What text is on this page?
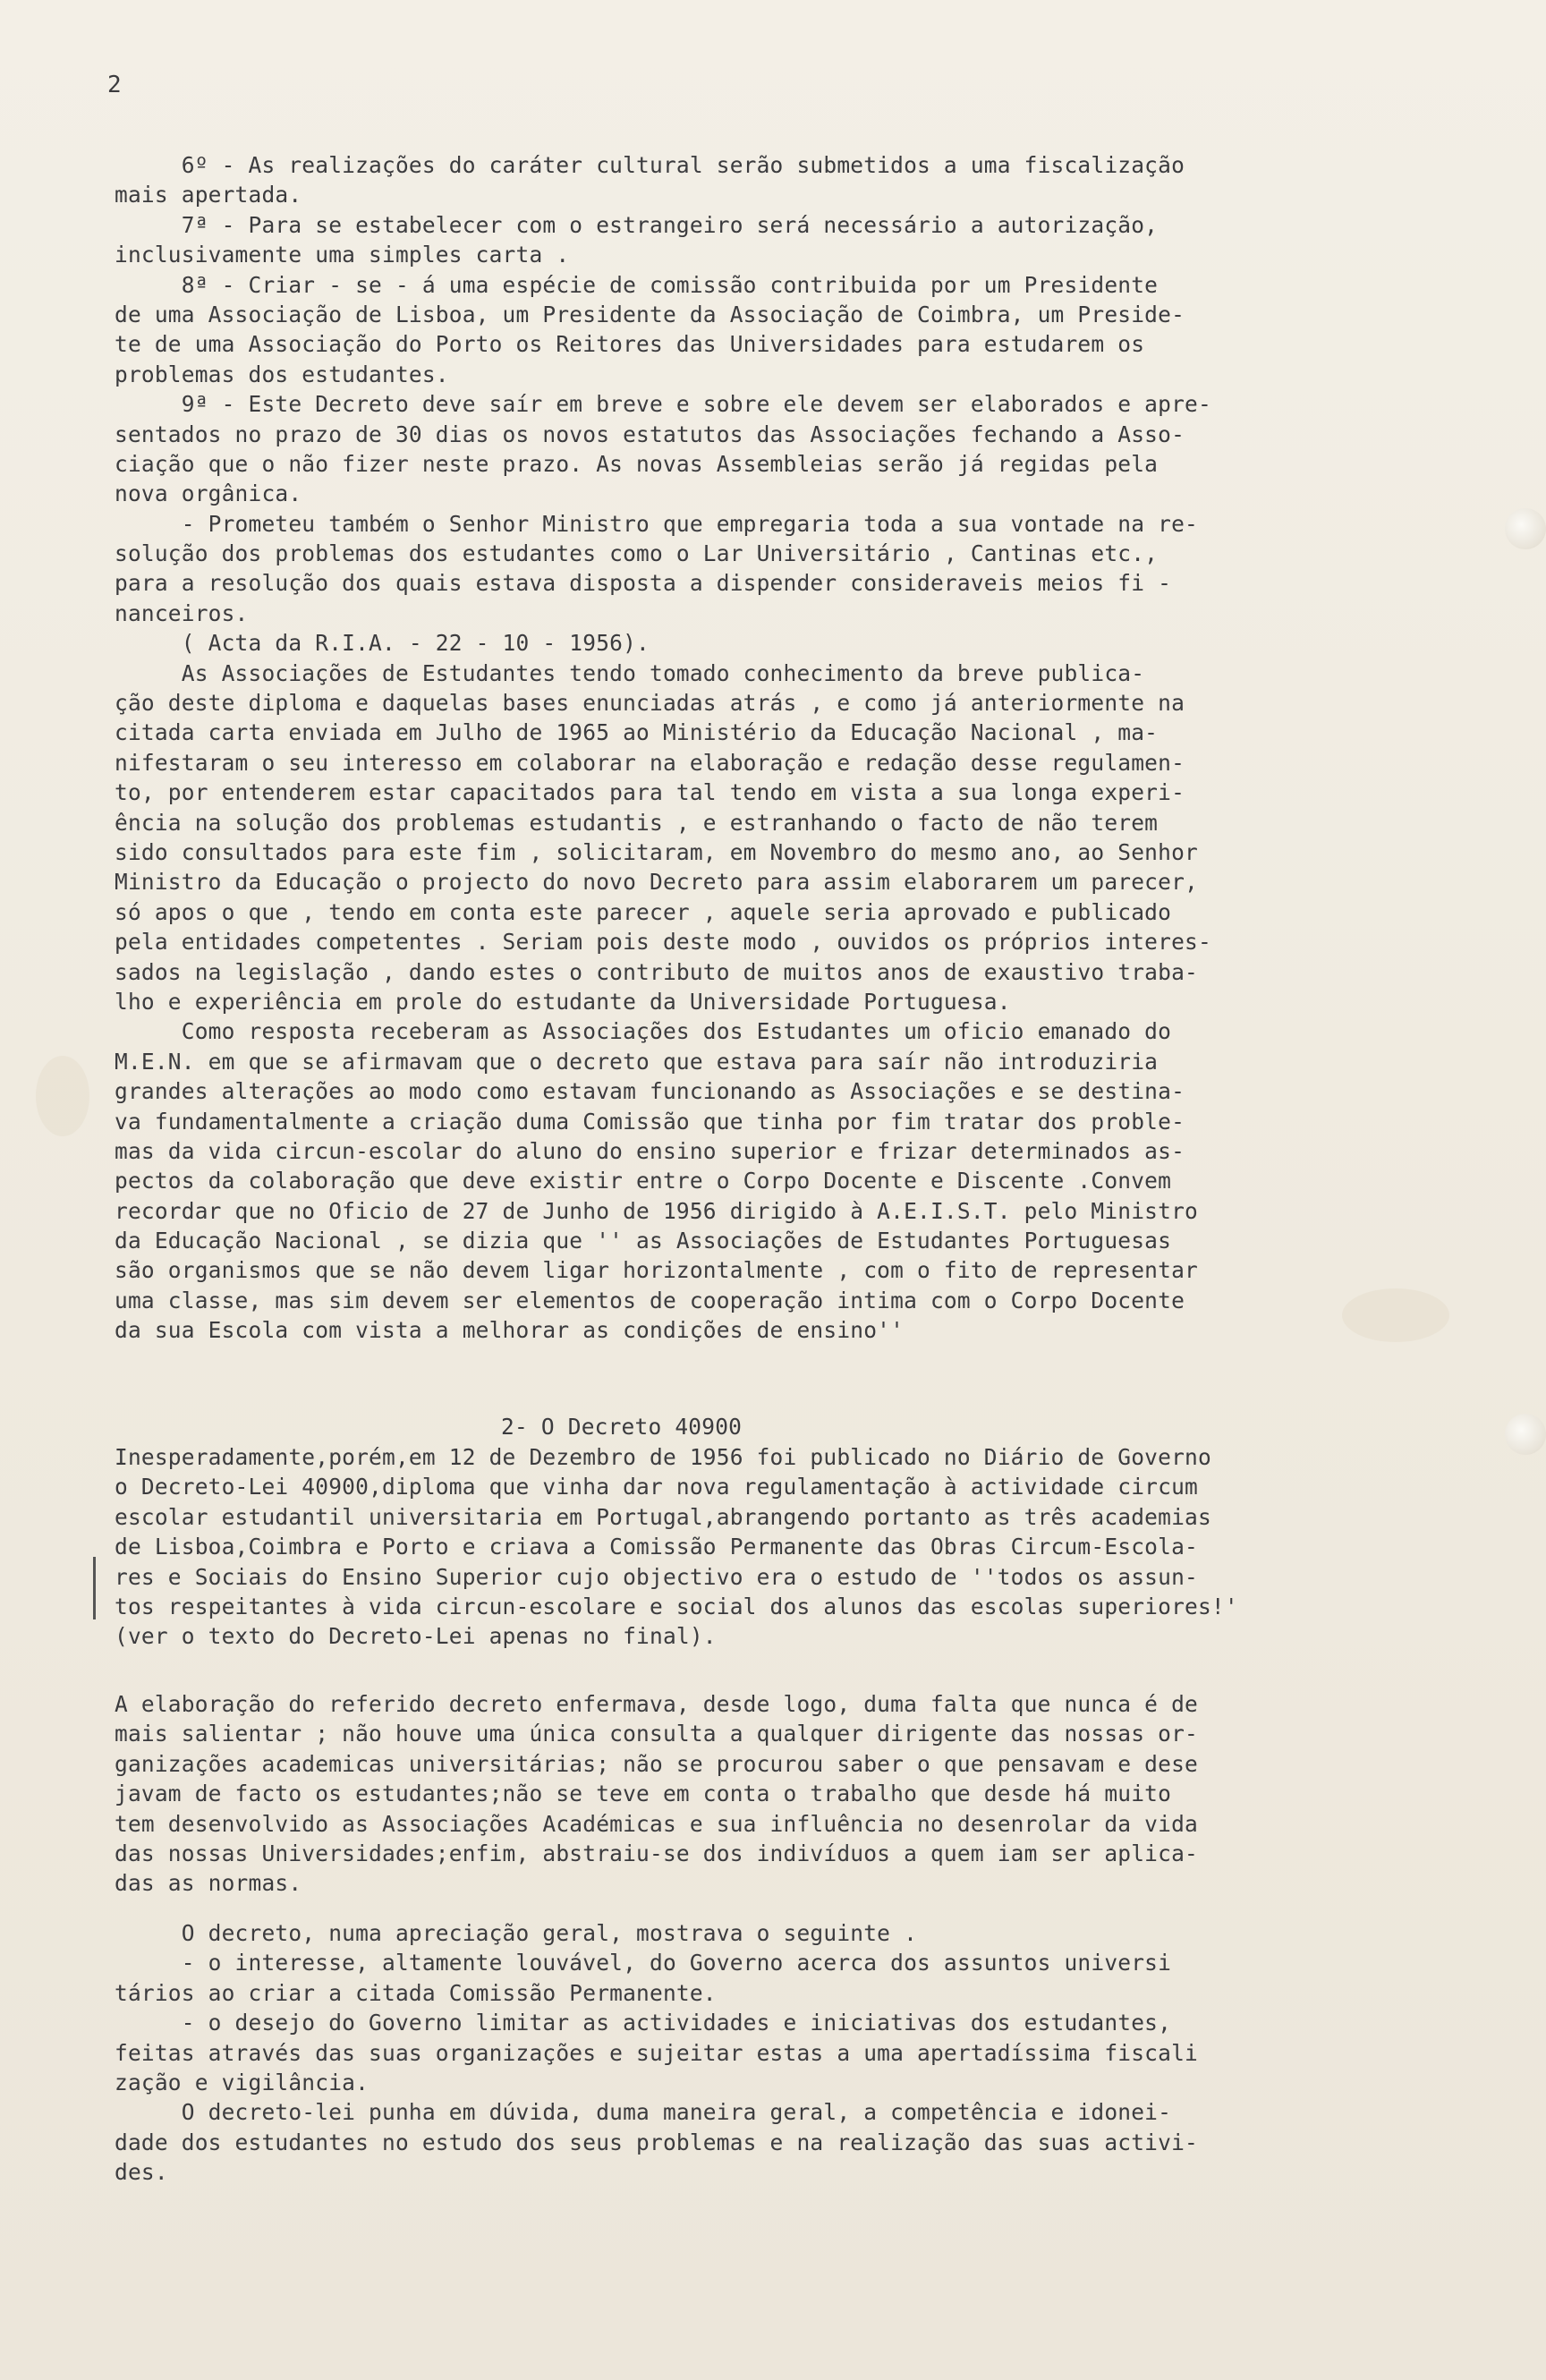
2
6º - As realizações do caráter cultural serão submetidos a uma fiscalização
mais apertada.
7ª - Para se estabelecer com o estrangeiro será necessário a autorização,
inclusivamente uma simples carta .
8ª - Criar - se - á uma espécie de comissão contribuida por um Presidente
de uma Associação de Lisboa, um Presidente da Associação de Coimbra, um Preside-
te de uma Associação do Porto os Reitores das Universidades para estudarem os
problemas dos estudantes.
9ª - Este Decreto deve saír em breve e sobre ele devem ser elaborados e apre-
sentados no prazo de 30 dias os novos estatutos das Associações fechando a Asso-
ciação que o não fizer neste prazo. As novas Assembleias serão já regidas pela
nova orgânica.
- Prometeu também o Senhor Ministro que empregaria toda a sua vontade na re-
solução dos problemas dos estudantes como o Lar Universitário , Cantinas etc.,
para a resolução dos quais estava disposta a dispender consideraveis meios fi -
nanceiros.
( Acta da R.I.A. - 22 - 10 - 1956).
As Associações de Estudantes tendo tomado conhecimento da breve publica-
ção deste diploma e daquelas bases enunciadas atrás , e como já anteriormente na
citada carta enviada em Julho de 1965 ao Ministério da Educação Nacional , ma-
nifestaram o seu interesso em colaborar na elaboração e redação desse regulamen-
to, por entenderem estar capacitados para tal tendo em vista a sua longa experi-
ência na solução dos problemas estudantis , e estranhando o facto de não terem
sido consultados para este fim , solicitaram, em Novembro do mesmo ano, ao Senhor
Ministro da Educação o projecto do novo Decreto para assim elaborarem um parecer,
só apos o que , tendo em conta este parecer , aquele seria aprovado e publicado
pela entidades competentes . Seriam pois deste modo , ouvidos os próprios interes-
sados na legislação , dando estes o contributo de muitos anos de exaustivo traba-
lho e experiência em prole do estudante da Universidade Portuguesa.
Como resposta receberam as Associações dos Estudantes um oficio emanado do
M.E.N. em que se afirmavam que o decreto que estava para saír não introduziria
grandes alterações ao modo como estavam funcionando as Associações e se destina-
va fundamentalmente a criação duma Comissão que tinha por fim tratar dos proble-
mas da vida circun-escolar do aluno do ensino superior e frizar determinados as-
pectos da colaboração que deve existir entre o Corpo Docente e Discente .Convem
recordar que no Oficio de 27 de Junho de 1956 dirigido à A.E.I.S.T. pelo Ministro
da Educação Nacional , se dizia que '' as Associações de Estudantes Portuguesas
são organismos que se não devem ligar horizontalmente , com o fito de representar
uma classe, mas sim devem ser elementos de cooperação intima com o Corpo Docente
da sua Escola com vista a melhorar as condições de ensino''
2- O Decreto 40900
Inesperadamente,porém,em 12 de Dezembro de 1956 foi publicado no Diário de Governo
o Decreto-Lei 40900,diploma que vinha dar nova regulamentação à actividade circum
escolar estudantil universitaria em Portugal,abrangendo portanto as três academias
de Lisboa,Coimbra e Porto e criava a Comissão Permanente das Obras Circum-Escola-
res e Sociais do Ensino Superior cujo objectivo era o estudo de ''todos os assun-
tos respeitantes à vida circun-escolare e social dos alunos das escolas superiores!'
(ver o texto do Decreto-Lei apenas no final).
A elaboração do referido decreto enfermava, desde logo, duma falta que nunca é de
mais salientar ; não houve uma única consulta a qualquer dirigente das nossas or-
ganizações academicas universitárias; não se procurou saber o que pensavam e dese
javam de facto os estudantes;não se teve em conta o trabalho que desde há muito
tem desenvolvido as Associações Académicas e sua influência no desenrolar da vida
das nossas Universidades;enfim, abstraiu-se dos indivíduos a quem iam ser aplica-
das as normas.
O decreto, numa apreciação geral, mostrava o seguinte .
- o interesse, altamente louvável, do Governo acerca dos assuntos universi
tários ao criar a citada Comissão Permanente.
- o desejo do Governo limitar as actividades e iniciativas dos estudantes,
feitas através das suas organizações e sujeitar estas a uma apertadíssima fiscali
zação e vigilância.
O decreto-lei punha em dúvida, duma maneira geral, a competência e idonei-
dade dos estudantes no estudo dos seus problemas e na realização das suas activi-
des.
